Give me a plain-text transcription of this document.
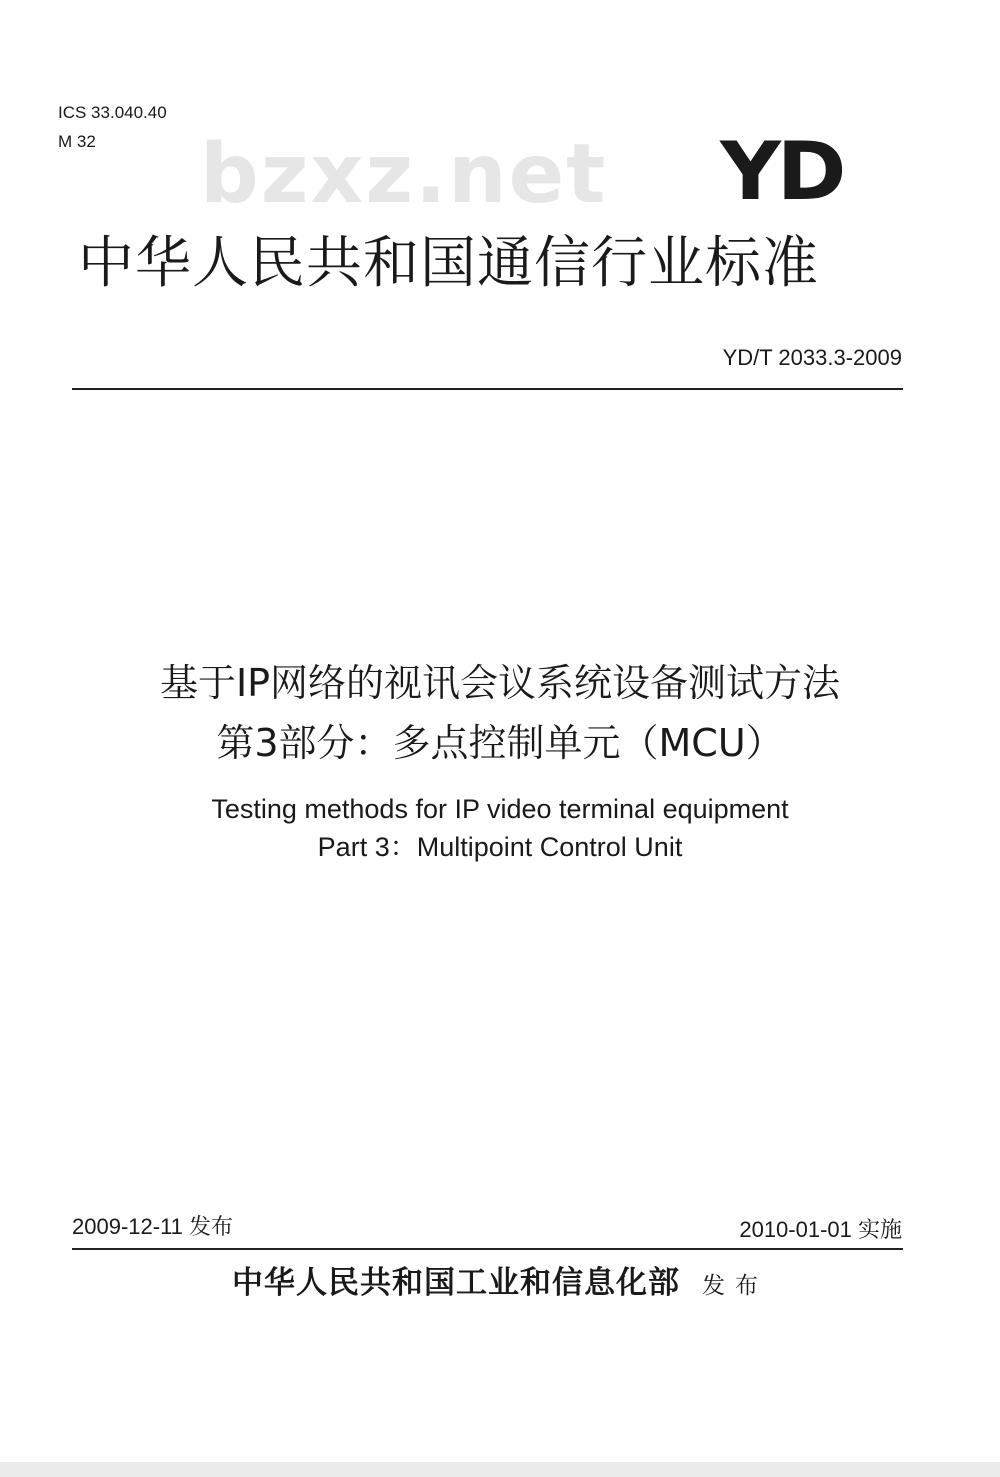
ICS 33.040.40
M 32 bzxz.net YD
中华人民共和国通信行业标准
YD/T 2033.3-2009
基于IP网络的视讯会议系统设备测试方法
第3部分：多点控制单元（MCU）
Testing methods for IP video terminal equipment
Part 3：Multipoint Control Unit
2009-12-11 发布	2010-01-01 实施
中华人民共和国工业和信息化部 发布
